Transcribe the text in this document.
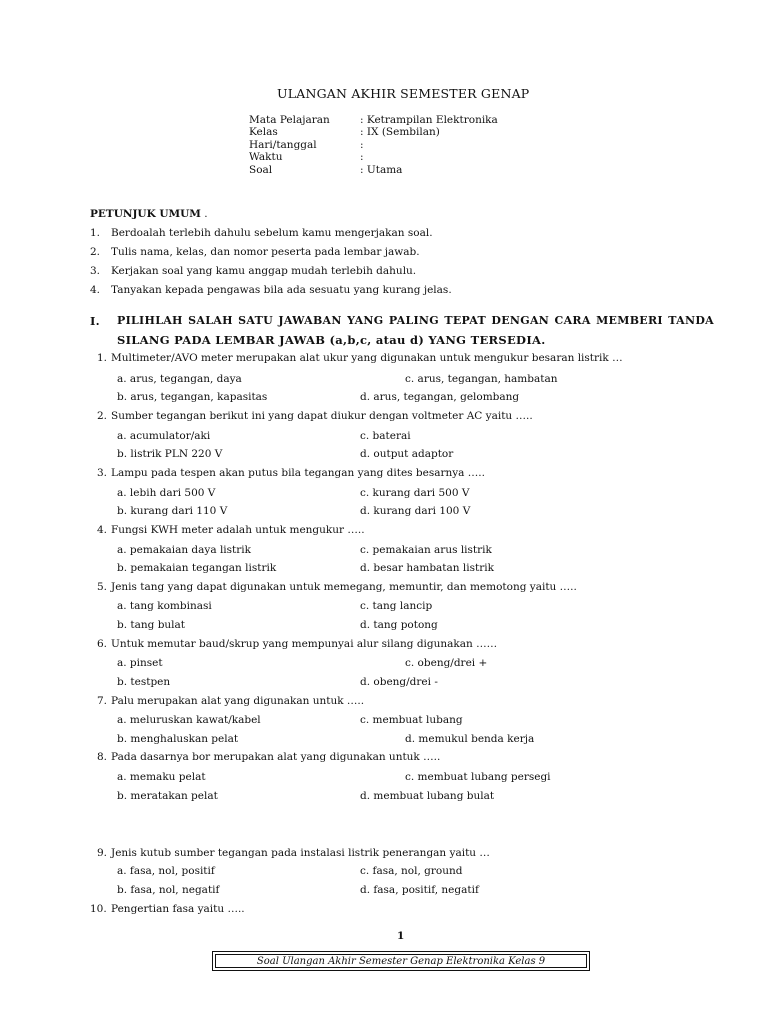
ULANGAN AKHIR SEMESTER GENAP
Mata Pelajaran	: Ketrampilan Elektronika
Kelas	: IX (Sembilan)
Hari/tanggal	:
Waktu	:
Soal	: Utama
PETUNJUK UMUM .
1. Berdoalah terlebih dahulu sebelum kamu mengerjakan soal.
2. Tulis nama, kelas, dan nomor peserta pada lembar jawab.
3. Kerjakan soal yang kamu anggap mudah terlebih dahulu.
4. Tanyakan kepada pengawas bila ada sesuatu yang kurang jelas.
I. PILIHLAH SALAH SATU JAWABAN YANG PALING TEPAT DENGAN CARA MEMBERI TANDA
SILANG PADA LEMBAR JAWAB (a,b,c, atau d) YANG TERSEDIA.
1. Multimeter/AVO meter merupakan alat ukur yang digunakan untuk mengukur besaran listrik …
a. arus, tegangan, daya	c. arus, tegangan, hambatan
b. arus, tegangan, kapasitas	d. arus, tegangan, gelombang
2. Sumber tegangan berikut ini yang dapat diukur dengan voltmeter AC yaitu …..
a. acumulator/aki	c. baterai
b. listrik PLN 220 V	d. output adaptor
3. Lampu pada tespen akan putus bila tegangan yang dites besarnya …..
a. lebih dari 500 V	c. kurang dari 500 V
b. kurang dari 110 V	d. kurang dari 100 V
4. Fungsi KWH meter adalah untuk mengukur …..
a. pemakaian daya listrik	c. pemakaian arus listrik
b. pemakaian tegangan listrik	d. besar hambatan listrik
5. Jenis tang yang dapat digunakan untuk memegang, memuntir, dan memotong yaitu …..
a. tang kombinasi	c. tang lancip
b. tang bulat	d. tang potong
6. Untuk memutar baud/skrup yang mempunyai alur silang digunakan ……
a. pinset	c. obeng/drei +
b. testpen	d. obeng/drei -
7. Palu merupakan alat yang digunakan untuk …..
a. meluruskan kawat/kabel	c. membuat lubang
b. menghaluskan pelat	d. memukul benda kerja
8. Pada dasarnya bor merupakan alat yang digunakan untuk …..
a. memaku pelat	c. membuat lubang persegi
b. meratakan pelat	d. membuat lubang bulat
9. Jenis kutub sumber tegangan pada instalasi listrik penerangan yaitu …
a. fasa, nol, positif	c. fasa, nol, ground
b. fasa, nol, negatif	d. fasa, positif, negatif
10. Pengertian fasa yaitu …..
1
Soal Ulangan Akhir Semester Genap Elektronika Kelas 9
